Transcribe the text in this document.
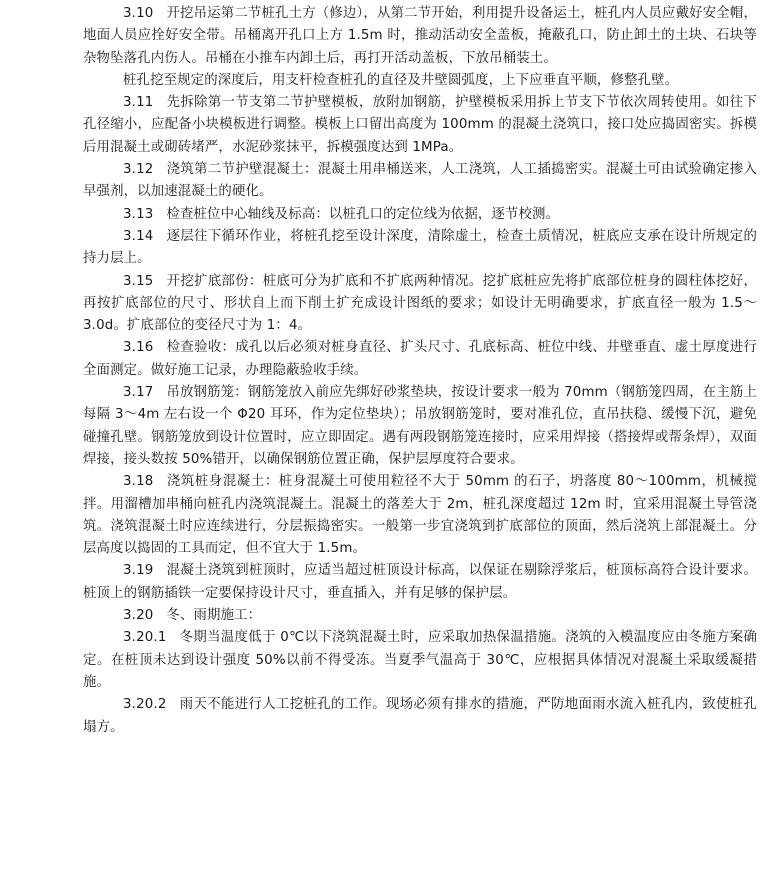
3.10 开挖吊运第二节桩孔土方（修边），从第二节开始，利用提升设备运土，桩孔内人员应戴好安全帽，地面人员应拴好安全带。吊桶离开孔口上方 1.5m 时，推动活动安全盖板，掩蔽孔口，防止卸土的土块、石块等杂物坠落孔内伤人。吊桶在小推车内卸土后，再打开活动盖板，下放吊桶装土。

桩孔挖至规定的深度后，用支杆检查桩孔的直径及井壁圆弧度，上下应垂直平顺，修整孔壁。

3.11 先拆除第一节支第二节护壁模板，放附加钢筋，护壁模板采用拆上节支下节依次周转使用。如往下孔径缩小，应配备小块模板进行调整。模板上口留出高度为 100mm 的混凝土浇筑口，接口处应捣固密实。拆模后用混凝土或砌砖堵严，水泥砂浆抹平，拆模强度达到 1MPa。

3.12 浇筑第二节护壁混凝土：混凝土用串桶送来，人工浇筑，人工插捣密实。混凝土可由试验确定掺入早强剂，以加速混凝土的硬化。

3.13 检查桩位中心轴线及标高：以桩孔口的定位线为依据，逐节校测。

3.14 逐层往下循环作业，将桩孔挖至设计深度，清除虚土，检查土质情况，桩底应支承在设计所规定的持力层上。

3.15 开挖扩底部份：桩底可分为扩底和不扩底两种情况。挖扩底桩应先将扩底部位桩身的圆柱体挖好，再按扩底部位的尺寸、形状自上而下削土扩充成设计图纸的要求；如设计无明确要求，扩底直径一般为 1.5～3.0d。扩底部位的变径尺寸为 1：4。

3.16 检查验收：成孔以后必须对桩身直径、扩头尺寸、孔底标高、桩位中线、井壁垂直、虚土厚度进行全面测定。做好施工记录，办理隐蔽验收手续。

3.17 吊放钢筋笼：钢筋笼放入前应先绑好砂浆垫块，按设计要求一般为 70mm（钢筋笼四周，在主筋上每隔 3～4m 左右设一个 Φ20 耳环，作为定位垫块）；吊放钢筋笼时，要对准孔位，直吊扶稳、缓慢下沉，避免碰撞孔壁。钢筋笼放到设计位置时，应立即固定。遇有两段钢筋笼连接时，应采用焊接（搭接焊或帮条焊），双面焊接，接头数按 50%错开，以确保钢筋位置正确，保护层厚度符合要求。

3.18 浇筑桩身混凝土：桩身混凝土可使用粒径不大于 50mm 的石子，坍落度 80～100mm，机械搅拌。用溜槽加串桶向桩孔内浇筑混凝土。混凝土的落差大于 2m，桩孔深度超过 12m 时，宜采用混凝土导管浇筑。浇筑混凝土时应连续进行，分层振捣密实。一般第一步宜浇筑到扩底部位的顶面，然后浇筑上部混凝土。分层高度以捣固的工具而定，但不宜大于 1.5m。

3.19 混凝土浇筑到桩顶时，应适当超过桩顶设计标高，以保证在剔除浮浆后，桩顶标高符合设计要求。桩顶上的钢筋插铁一定要保持设计尺寸，垂直插入，并有足够的保护层。

3.20 冬、雨期施工：

3.20.1 冬期当温度低于 0℃以下浇筑混凝土时，应采取加热保温措施。浇筑的入模温度应由冬施方案确定。在桩顶未达到设计强度 50%以前不得受冻。当夏季气温高于 30℃，应根据具体情况对混凝土采取缓凝措施。

3.20.2 雨天不能进行人工挖桩孔的工作。现场必须有排水的措施，严防地面雨水流入桩孔内，致使桩孔塌方。
